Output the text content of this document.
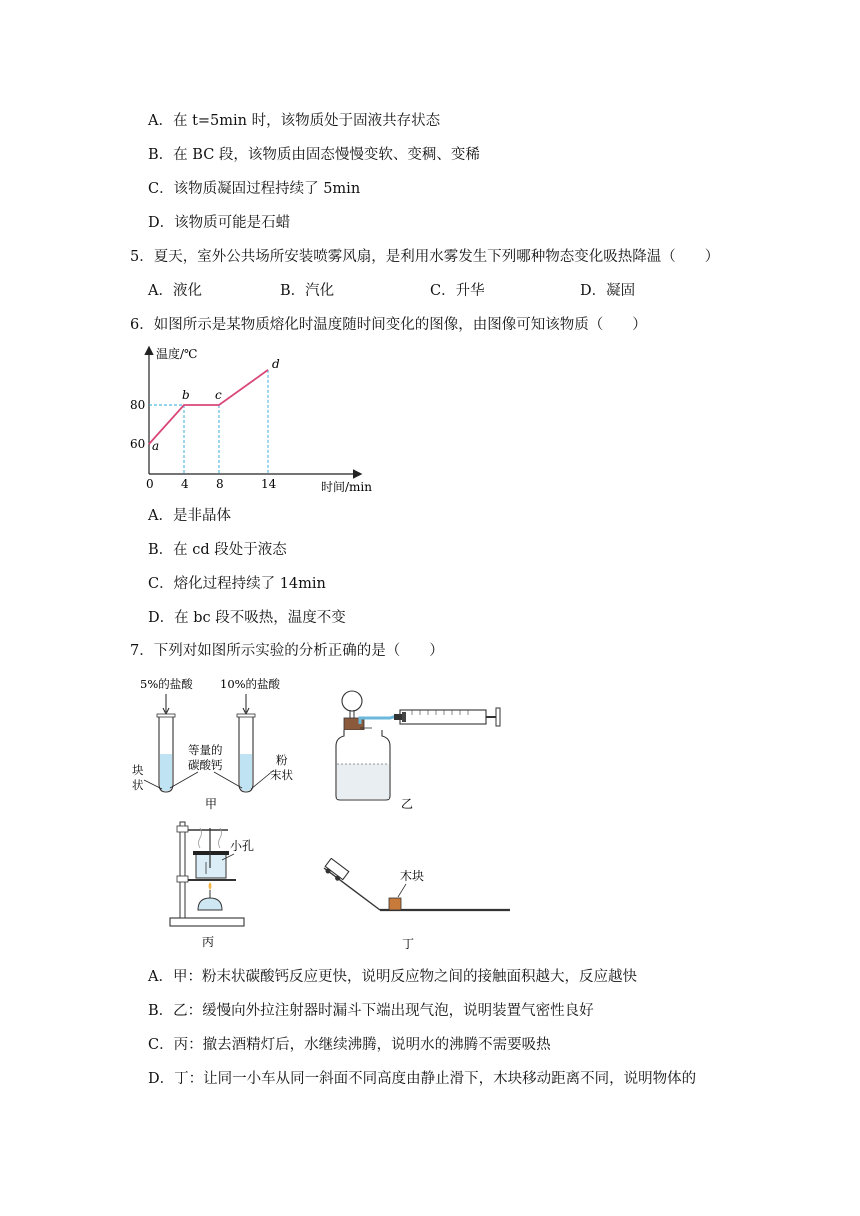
A．在 t=5min 时，该物质处于固液共存状态
B．在 BC 段，该物质由固态慢慢变软、变稠、变稀
C．该物质凝固过程持续了 5min
D．该物质可能是石蜡
5．夏天，室外公共场所安装喷雾风扇，是利用水雾发生下列哪种物态变化吸热降温（　　）
A．液化	B．汽化	C．升华	D．凝固
6．如图所示是某物质熔化时温度随时间变化的图像，由图像可知该物质（　　）
温度/℃
时间/min
0 4 8	14
60
80
a
b c
d
A．是非晶体
B．在 cd 段处于液态
C．熔化过程持续了 14min
D．在 bc 段不吸热，温度不变
7．下列对如图所示实验的分析正确的是（　　）
5%的盐酸 10%的盐酸
等量的
碳酸钙
块
状
粉
末状
甲	乙
小孔
丙
木块
丁
A．甲：粉末状碳酸钙反应更快，说明反应物之间的接触面积越大，反应越快
B．乙：缓慢向外拉注射器时漏斗下端出现气泡，说明装置气密性良好
C．丙：撤去酒精灯后，水继续沸腾，说明水的沸腾不需要吸热
D．丁：让同一小车从同一斜面不同高度由静止滑下，木块移动距离不同，说明物体的
